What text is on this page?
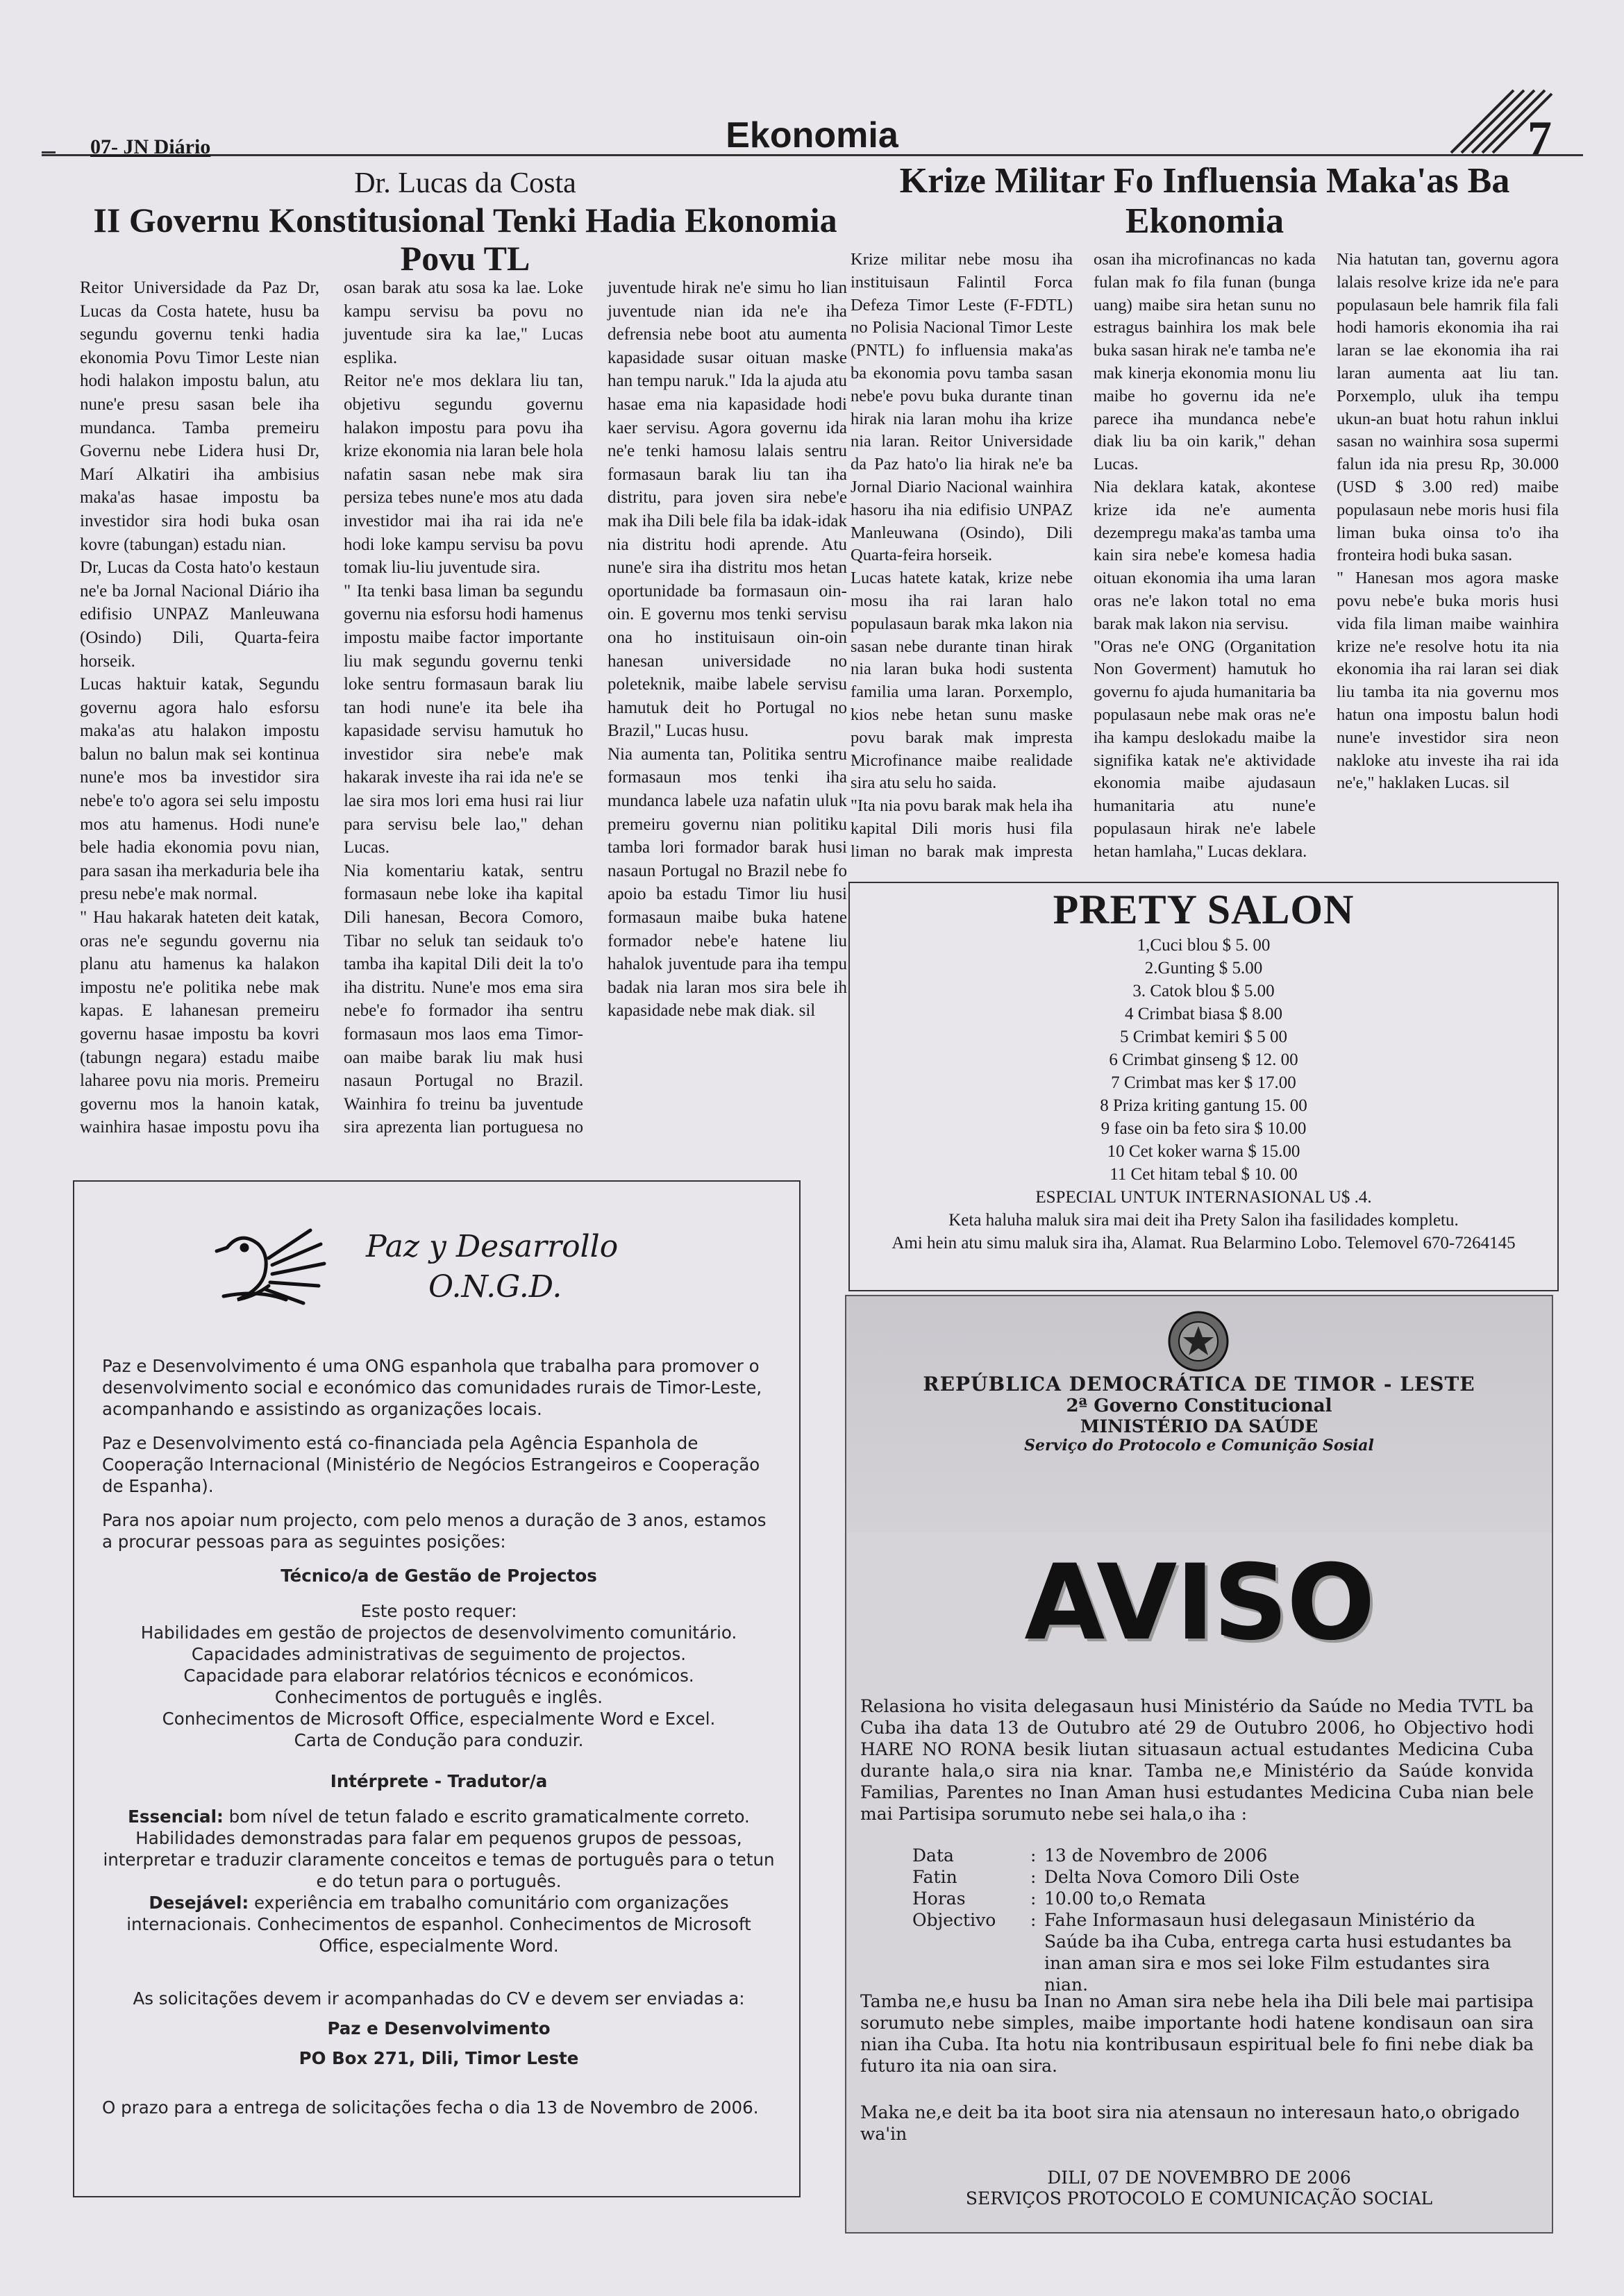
07- JN Diário	Ekonomia	7
Dr. Lucas da Costa
II Governu Konstitusional Tenki Hadia Ekonomia Povu TL
Reitor Universidade da Paz Dr, Lucas da Costa hatete, husu ba segundu governu tenki hadia ekonomia Povu Timor Leste nian hodi halakon impostu balun, atu nune'e presu sasan bele iha mundanca. Tamba premeiru Governu nebe Lidera husi Dr, Marí Alkatiri iha ambisius maka'as hasae impostu ba investidor sira hodi buka osan kovre (tabungan) estadu nian.
Dr, Lucas da Costa hato'o kestaun ne'e ba Jornal Nacional Diário iha edifisio UNPAZ Manleuwana (Osindo) Dili, Quarta-feira horseik.
Lucas haktuir katak, Segundu governu agora halo esforsu maka'as atu halakon impostu balun no balun mak sei kontinua nune'e mos ba investidor sira nebe'e to'o agora sei selu impostu mos atu hamenus. Hodi nune'e bele hadia ekonomia povu nian, para sasan iha merkaduria bele iha presu nebe'e mak normal.
" Hau hakarak hateten deit katak, oras ne'e segundu governu nia planu atu hamenus ka halakon impostu ne'e politika nebe mak kapas. E lahanesan premeiru governu hasae impostu ba kovri (tabungn negara) estadu maibe laharee povu nia moris. Premeiru governu mos la hanoin katak, wainhira hasae impostu povu iha osan barak atu sosa ka lae. Loke kampu servisu ba povu no juventude sira ka lae," Lucas esplika.
Reitor ne'e mos deklara liu tan, objetivu segundu governu halakon impostu para povu iha krize ekonomia nia laran bele hola nafatin sasan nebe mak sira persiza tebes nune'e mos atu dada investidor mai iha rai ida ne'e hodi loke kampu servisu ba povu tomak liu-liu juventude sira.
" Ita tenki basa liman ba segundu governu nia esforsu hodi hamenus impostu maibe factor importante liu mak segundu governu tenki loke sentru formasaun barak liu tan hodi nune'e ita bele iha kapasidade servisu hamutuk ho investidor sira nebe'e mak hakarak investe iha rai ida ne'e se lae sira mos lori ema husi rai liur para servisu bele lao," dehan Lucas.
Nia komentariu katak, sentru formasaun nebe loke iha kapital Dili hanesan, Becora Comoro, Tibar no seluk tan seidauk to'o tamba iha kapital Dili deit la to'o iha distritu. Nune'e mos ema sira nebe'e fo formador iha sentru formasaun mos laos ema Timor-oan maibe barak liu mak husi nasaun Portugal no Brazil. Wainhira fo treinu ba juventude sira aprezenta lian portuguesa no juventude hirak ne'e simu ho lian juventude nian ida ne'e iha defrensia nebe boot atu aumenta kapasidade susar oituan maske han tempu naruk." Ida la ajuda atu hasae ema nia kapasidade hodi kaer servisu. Agora governu ida ne'e tenki hamosu lalais sentru formasaun barak liu tan iha distritu, para joven sira nebe'e mak iha Dili bele fila ba idak-idak nia distritu hodi aprende. Atu nune'e sira iha distritu mos hetan oportunidade ba formasaun oin-oin. E governu mos tenki servisu ona ho instituisaun oin-oin hanesan universidade no poleteknik, maibe labele servisu hamutuk deit ho Portugal no Brazil," Lucas husu.
Nia aumenta tan, Politika sentru formasaun mos tenki iha mundanca labele uza nafatin uluk premeiru governu nian politiku tamba lori formador barak husi nasaun Portugal no Brazil nebe fo apoio ba estadu Timor liu husi formasaun maibe buka hatene formador nebe'e hatene liu hahalok juventude para iha tempu badak nia laran mos sira bele ih kapasidade nebe mak diak. sil
Krize Militar Fo Influensia Maka'as Ba Ekonomia
Krize militar nebe mosu iha instituisaun Falintil Forca Defeza Timor Leste (F-FDTL) no Polisia Nacional Timor Leste (PNTL) fo influensia maka'as ba ekonomia povu tamba sasan nebe'e povu buka durante tinan hirak nia laran mohu iha krize nia laran. Reitor Universidade da Paz hato'o lia hirak ne'e ba Jornal Diario Nacional wainhira hasoru iha nia edifisio UNPAZ Manleuwana (Osindo), Dili Quarta-feira horseik.
Lucas hatete katak, krize nebe mosu iha rai laran halo populasaun barak mka lakon nia sasan nebe durante tinan hirak nia laran buka hodi sustenta familia uma laran. Porxemplo, kios nebe hetan sunu maske povu barak mak impresta Microfinance maibe realidade sira atu selu ho saida.
"Ita nia povu barak mak hela iha kapital Dili moris husi fila liman no barak mak impresta osan iha microfinancas no kada fulan mak fo fila funan (bunga uang) maibe sira hetan sunu no estragus bainhira los mak bele buka sasan hirak ne'e tamba ne'e mak kinerja ekonomia monu liu maibe ho governu ida ne'e parece iha mundanca nebe'e diak liu ba oin karik," dehan Lucas.
Nia deklara katak, akontese krize ida ne'e aumenta dezempregu maka'as tamba uma kain sira nebe'e komesa hadia oituan ekonomia iha uma laran oras ne'e lakon total no ema barak mak lakon nia servisu.
"Oras ne'e ONG (Organitation Non Goverment) hamutuk ho governu fo ajuda humanitaria ba populasaun nebe mak oras ne'e iha kampu deslokadu maibe la signifika katak ne'e aktividade ekonomia maibe ajudasaun humanitaria atu nune'e populasaun hirak ne'e labele hetan hamlaha," Lucas deklara.
Nia hatutan tan, governu agora lalais resolve krize ida ne'e para populasaun bele hamrik fila fali hodi hamoris ekonomia iha rai laran se lae ekonomia iha rai laran aumenta aat liu tan. Porxemplo, uluk iha tempu ukun-an buat hotu rahun inklui sasan no wainhira sosa supermi falun ida nia presu Rp, 30.000 (USD $ 3.00 red) maibe populasaun nebe moris husi fila liman buka oinsa to'o iha fronteira hodi buka sasan.
" Hanesan mos agora maske povu nebe'e buka moris husi vida fila liman maibe wainhira krize ne'e resolve hotu ita nia ekonomia iha rai laran sei diak liu tamba ita nia governu mos hatun ona impostu balun hodi nune'e investidor sira neon nakloke atu investe iha rai ida ne'e," haklaken Lucas. sil
PRETY SALON
1,Cuci blou $ 5. 00
2.Gunting $ 5.00
3. Catok blou $ 5.00
4 Crimbat biasa $ 8.00
5 Crimbat kemiri $ 5 00
6 Crimbat ginseng $ 12. 00
7 Crimbat mas ker $ 17.00
8 Priza kriting gantung 15. 00
9 fase oin ba feto sira $ 10.00
10 Cet koker warna $ 15.00
11 Cet hitam tebal $ 10. 00
ESPECIAL UNTUK INTERNASIONAL U$ .4.
Keta haluha maluk sira mai deit iha Prety Salon iha fasilidades kompletu.
Ami hein atu simu maluk sira iha, Alamat. Rua Belarmino Lobo. Telemovel 670-7264145
Paz y Desarrollo
O.N.G.D.

Paz e Desenvolvimento é uma ONG espanhola que trabalha para promover o desenvolvimento social e económico das comunidades rurais de Timor-Leste, acompanhando e assistindo as organizações locais.

Paz e Desenvolvimento está co-financiada pela Agência Espanhola de Cooperação Internacional (Ministério de Negócios Estrangeiros e Cooperação de Espanha).

Para nos apoiar num projecto, com pelo menos a duração de 3 anos, estamos a procurar pessoas para as seguintes posições:

Técnico/a de Gestão de Projectos
Este posto requer:
Habilidades em gestão de projectos de desenvolvimento comunitário.
Capacidades administrativas de seguimento de projectos.
Capacidade para elaborar relatórios técnicos e económicos.
Conhecimentos de português e inglês.
Conhecimentos de Microsoft Office, especialmente Word e Excel.
Carta de Condução para conduzir.
Intérprete - Tradutor/a
Essencial: bom nível de tetun falado e escrito gramaticalmente correto. Habilidades demonstradas para falar em pequenos grupos de pessoas, interpretar e traduzir claramente conceitos e temas de português para o tetun e do tetun para o português.
Desejável: experiência em trabalho comunitário com organizações internacionais. Conhecimentos de espanhol. Conhecimentos de Microsoft Office, especialmente Word.
As solicitações devem ir acompanhadas do CV e devem ser enviadas a:
Paz e Desenvolvimento
PO Box 271, Dili, Timor Leste
O prazo para a entrega de solicitações fecha o dia 13 de Novembro de 2006.
REPÚBLICA DEMOCRÁTICA DE TIMOR - LESTE
2ª Governo Constitucional
MINISTÉRIO DA SAÚDE
Serviço do Protocolo e Comunição Sosial
AVISO
Relasiona ho visita delegasaun husi Ministério da Saúde no Media TVTL ba Cuba iha data 13 de Outubro até 29 de Outubro 2006, ho Objectivo hodi HARE NO RONA besik liutan situasaun actual estudantes Medicina Cuba durante hala,o sira nia knar. Tamba ne,e Ministério da Saúde konvida Familias, Parentes no Inan Aman husi estudantes Medicina Cuba nian bele mai Partisipa sorumuto nebe sei hala,o iha :
Data	: 13 de Novembro de 2006
Fatin	: Delta Nova Comoro Dili Oste
Horas	: 10.00 to,o Remata
Objectivo	: Fahe Informasaun husi delegasaun Ministério da Saúde ba iha Cuba, entrega carta husi estudantes ba inan aman sira e mos sei loke Film estudantes sira nian.
Tamba ne,e husu ba Inan no Aman sira nebe hela iha Dili bele mai partisipa sorumuto nebe simples, maibe importante hodi hatene kondisaun oan sira nian iha Cuba. Ita hotu nia kontribusaun espiritual bele fo fini nebe diak ba futuro ita nia oan sira.
Maka ne,e deit ba ita boot sira nia atensaun no interesaun hato,o obrigado wa'in
DILI, 07 DE NOVEMBRO DE 2006
SERVIÇOS PROTOCOLO E COMUNICAÇÃO SOCIAL
